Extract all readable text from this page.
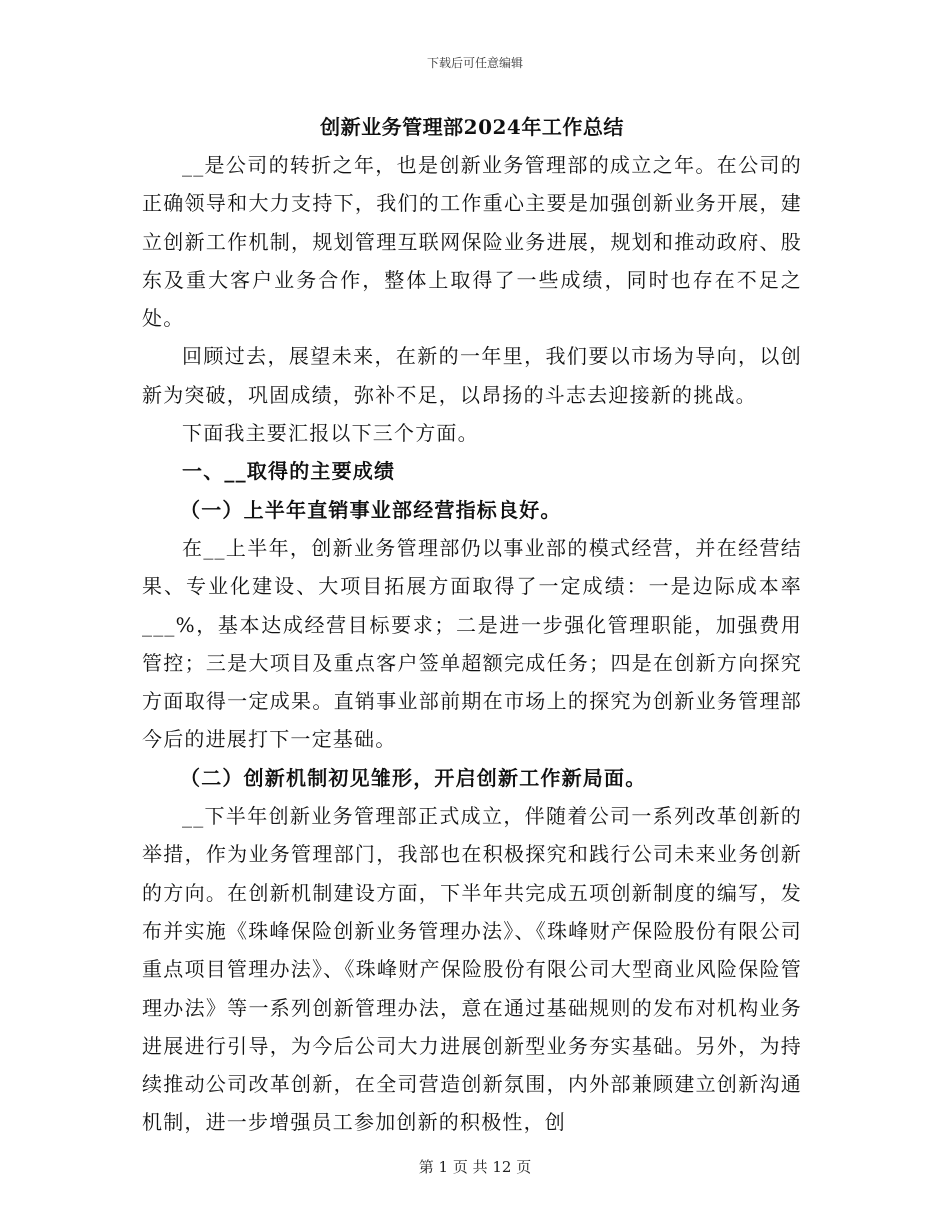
下载后可任意编辑
创新业务管理部2024年工作总结

__是公司的转折之年，也是创新业务管理部的成立之年。在公司的正确领导和大力支持下，我们的工作重心主要是加强创新业务开展，建立创新工作机制，规划管理互联网保险业务进展，规划和推动政府、股东及重大客户业务合作，整体上取得了一些成绩，同时也存在不足之处。

回顾过去，展望未来，在新的一年里，我们要以市场为导向，以创新为突破，巩固成绩，弥补不足，以昂扬的斗志去迎接新的挑战。

下面我主要汇报以下三个方面。

一、__取得的主要成绩

（一）上半年直销事业部经营指标良好。

在__上半年，创新业务管理部仍以事业部的模式经营，并在经营结果、专业化建设、大项目拓展方面取得了一定成绩：一是边际成本率___%，基本达成经营目标要求；二是进一步强化管理职能，加强费用管控；三是大项目及重点客户签单超额完成任务；四是在创新方向探究方面取得一定成果。直销事业部前期在市场上的探究为创新业务管理部今后的进展打下一定基础。

（二）创新机制初见雏形，开启创新工作新局面。

__下半年创新业务管理部正式成立，伴随着公司一系列改革创新的举措，作为业务管理部门，我部也在积极探究和践行公司未来业务创新的方向。在创新机制建设方面，下半年共完成五项创新制度的编写，发布并实施《珠峰保险创新业务管理办法》、《珠峰财产保险股份有限公司重点项目管理办法》、《珠峰财产保险股份有限公司大型商业风险保险管理办法》等一系列创新管理办法，意在通过基础规则的发布对机构业务进展进行引导，为今后公司大力进展创新型业务夯实基础。另外，为持续推动公司改革创新，在全司营造创新氛围，内外部兼顾建立创新沟通机制，进一步增强员工参加创新的积极性，创

第 1 页 共 12 页
